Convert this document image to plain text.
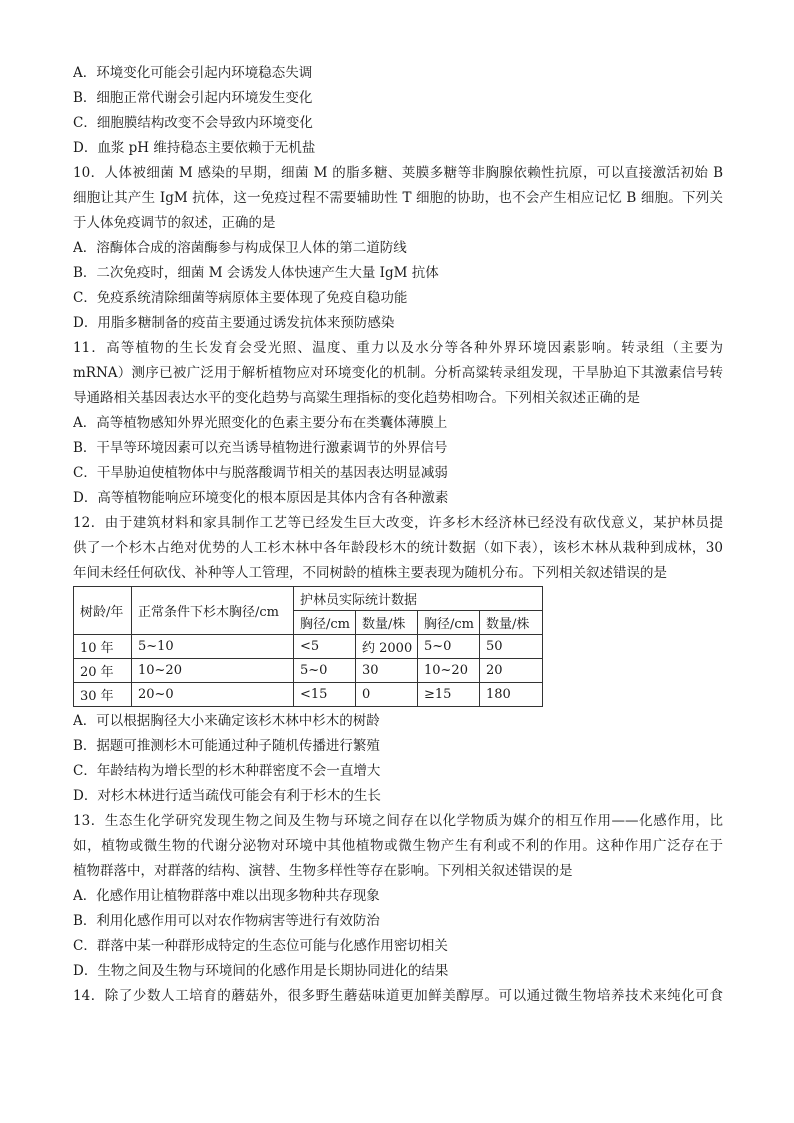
A．环境变化可能会引起内环境稳态失调
B．细胞正常代谢会引起内环境发生变化
C．细胞膜结构改变不会导致内环境变化
D．血浆 pH 维持稳态主要依赖于无机盐
10．人体被细菌 M 感染的早期，细菌 M 的脂多糖、荚膜多糖等非胸腺依赖性抗原，可以直接激活初始 B
细胞让其产生 IgM 抗体，这一免疫过程不需要辅助性 T 细胞的协助，也不会产生相应记忆 B 细胞。下列关
于人体免疫调节的叙述，正确的是
A．溶酶体合成的溶菌酶参与构成保卫人体的第二道防线
B．二次免疫时，细菌 M 会诱发人体快速产生大量 IgM 抗体
C．免疫系统清除细菌等病原体主要体现了免疫自稳功能
D．用脂多糖制备的疫苗主要通过诱发抗体来预防感染
11．高等植物的生长发育会受光照、温度、重力以及水分等各种外界环境因素影响。转录组（主要为
mRNA）测序已被广泛用于解析植物应对环境变化的机制。分析高粱转录组发现，干旱胁迫下其激素信号转
导通路相关基因表达水平的变化趋势与高粱生理指标的变化趋势相吻合。下列相关叙述正确的是
A．高等植物感知外界光照变化的色素主要分布在类囊体薄膜上
B．干旱等环境因素可以充当诱导植物进行激素调节的外界信号
C．干旱胁迫使植物体中与脱落酸调节相关的基因表达明显减弱
D．高等植物能响应环境变化的根本原因是其体内含有各种激素
12．由于建筑材料和家具制作工艺等已经发生巨大改变，许多杉木经济林已经没有砍伐意义，某护林员提
供了一个杉木占绝对优势的人工杉木林中各年龄段杉木的统计数据（如下表），该杉木林从栽种到成林，30
年间未经任何砍伐、补种等人工管理，不同树龄的植株主要表现为随机分布。下列相关叙述错误的是
树龄/年	正常条件下杉木胸径/cm	护林员实际统计数据			
		胸径/cm	数量/株	胸径/cm	数量/株
10 年	5~10	<5	约 2000	5~0	50
20 年	10~20	5~0	30	10~20	20
30 年	20~0	<15	0	≥15	180
A．可以根据胸径大小来确定该杉木林中杉木的树龄
B．据题可推测杉木可能通过种子随机传播进行繁殖
C．年龄结构为增长型的杉木种群密度不会一直增大
D．对杉木林进行适当疏伐可能会有利于杉木的生长
13．生态生化学研究发现生物之间及生物与环境之间存在以化学物质为媒介的相互作用——化感作用，比
如，植物或微生物的代谢分泌物对环境中其他植物或微生物产生有利或不利的作用。这种作用广泛存在于
植物群落中，对群落的结构、演替、生物多样性等存在影响。下列相关叙述错误的是
A．化感作用让植物群落中难以出现多物种共存现象
B．利用化感作用可以对农作物病害等进行有效防治
C．群落中某一种群形成特定的生态位可能与化感作用密切相关
D．生物之间及生物与环境间的化感作用是长期协同进化的结果
14．除了少数人工培育的蘑菇外，很多野生蘑菇味道更加鲜美醇厚。可以通过微生物培养技术来纯化可食
